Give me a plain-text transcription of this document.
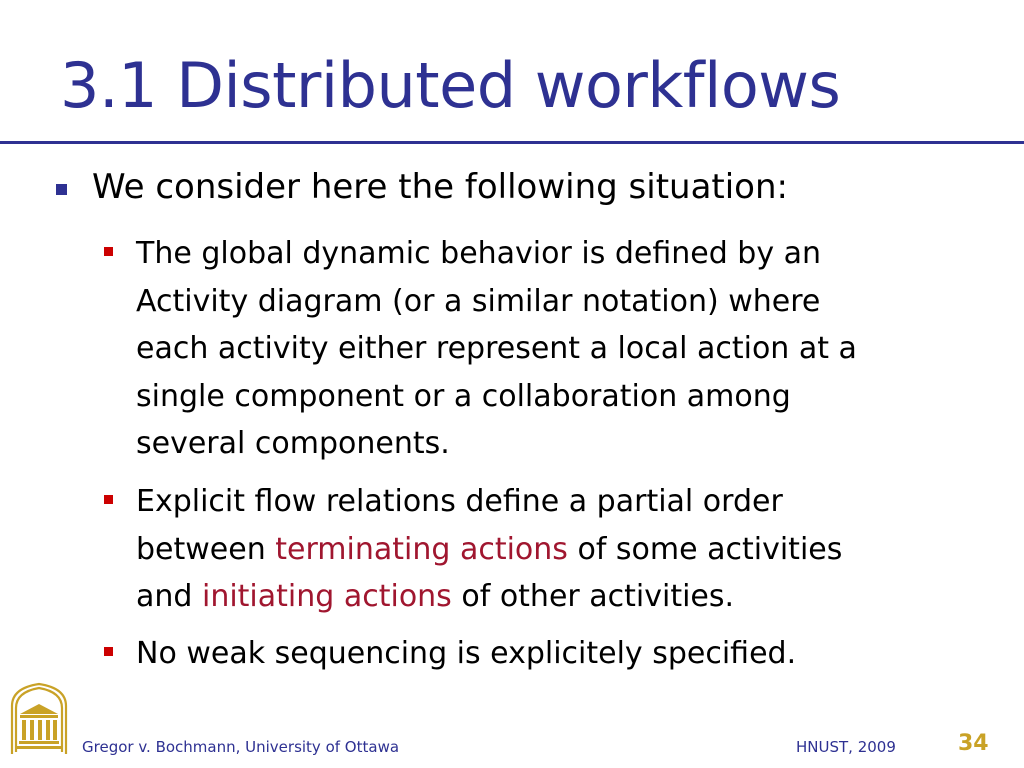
3.1 Distributed workflows
We consider here the following situation:
The global dynamic behavior is defined by an
Activity diagram (or a similar notation) where
each activity either represent a local action at a
single component or a collaboration among
several components.
Explicit flow relations define a partial order
between terminating actions of some activities
and initiating actions of other activities.
No weak sequencing is explicitely specified.
Gregor v. Bochmann, University of Ottawa	HNUST, 2009	34
